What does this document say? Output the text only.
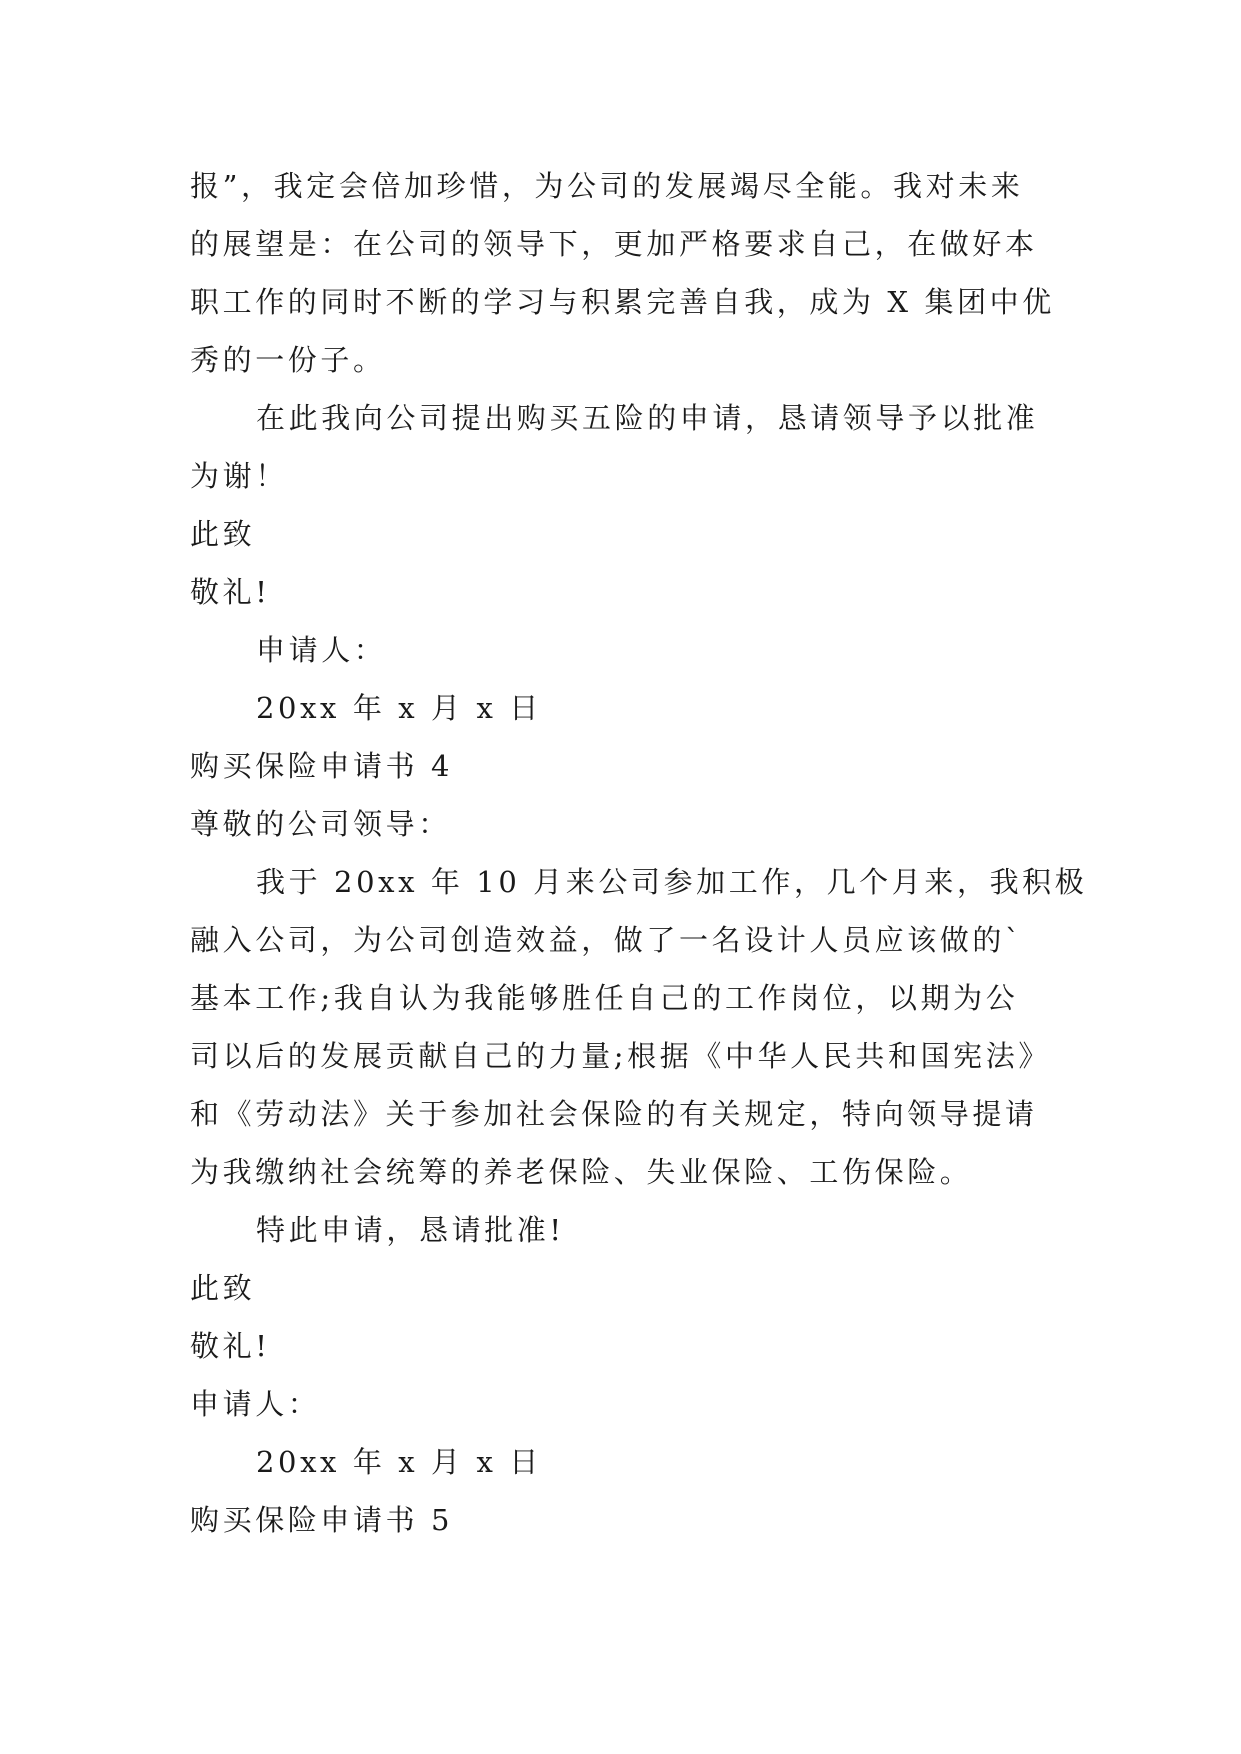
报”，我定会倍加珍惜，为公司的发展竭尽全能。我对未来
的展望是：在公司的领导下，更加严格要求自己，在做好本
职工作的同时不断的学习与积累完善自我，成为 X 集团中优
秀的一份子。
在此我向公司提出购买五险的申请，恳请领导予以批准
为谢！
此致
敬礼!
申请人：
20xx 年 x 月 x 日
购买保险申请书 4
尊敬的公司领导：
我于 20xx 年 10 月来公司参加工作，几个月来，我积极
融入公司，为公司创造效益，做了一名设计人员应该做的`
基本工作;我自认为我能够胜任自己的工作岗位，以期为公
司以后的发展贡献自己的力量;根据《中华人民共和国宪法》
和《劳动法》关于参加社会保险的有关规定，特向领导提请
为我缴纳社会统筹的养老保险、失业保险、工伤保险。
特此申请，恳请批准!
此致
敬礼!
申请人：
20xx 年 x 月 x 日
购买保险申请书 5
